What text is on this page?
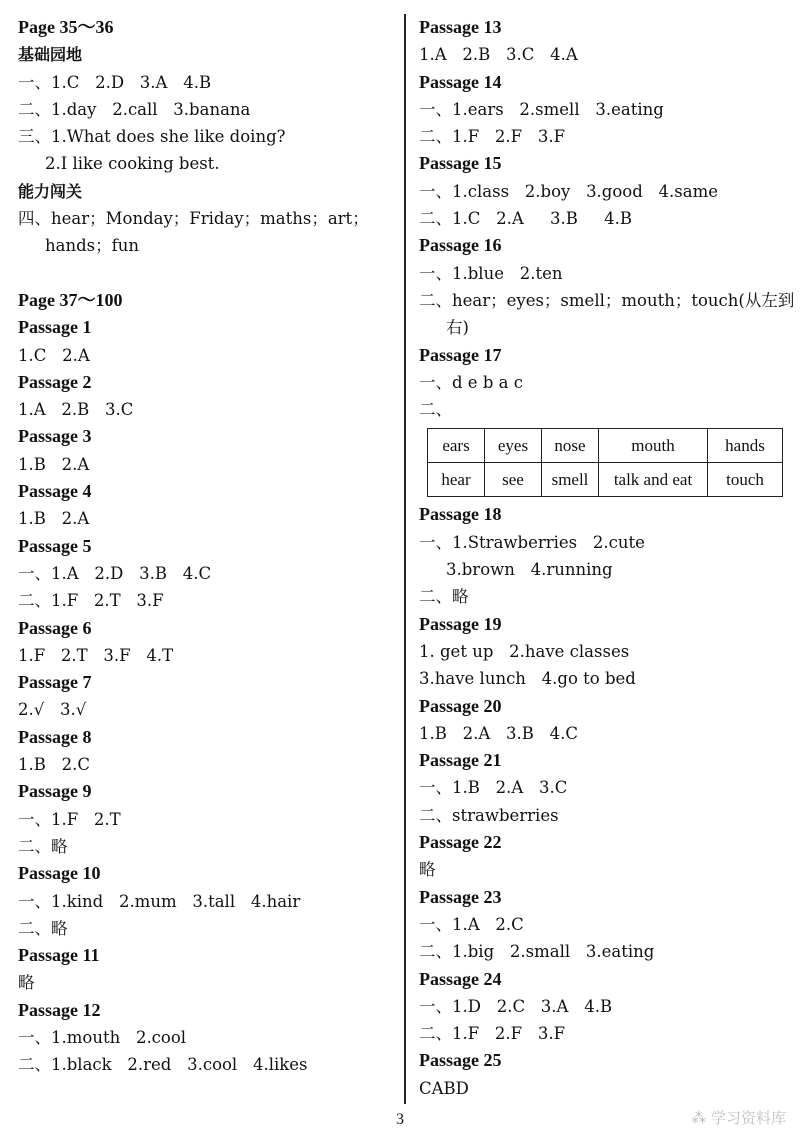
Page 35～36
基础园地
一、1.C   2.D   3.A   4.B
二、1.day   2.call   3.banana
三、1.What does she like doing?
2.I like cooking best.
能力闯关
四、hear；Monday；Friday；maths；art；
hands；fun
Page 37～100
Passage 1
1.C   2.A
Passage 2
1.A   2.B   3.C
Passage 3
1.B   2.A
Passage 4
1.B   2.A
Passage 5
一、1.A   2.D   3.B   4.C
二、1.F   2.T   3.F
Passage 6
1.F   2.T   3.F   4.T
Passage 7
2.√   3.√
Passage 8
1.B   2.C
Passage 9
一、1.F   2.T
二、略
Passage 10
一、1.kind   2.mum   3.tall   4.hair
二、略
Passage 11
略
Passage 12
一、1.mouth   2.cool
二、1.black   2.red   3.cool   4.likes
Passage 13
1.A   2.B   3.C   4.A
Passage 14
一、1.ears   2.smell   3.eating
二、1.F   2.F   3.F
Passage 15
一、1.class   2.boy   3.good   4.same
二、1.C   2.A     3.B     4.B
Passage 16
一、1.blue   2.ten
二、hear；eyes；smell；mouth；touch(从左到
右)
Passage 17
一、d e b a c
二、
ears	eyes	nose	mouth	hands
hear	see	smell	talk and eat	touch
Passage 18
一、1.Strawberries   2.cute
3.brown   4.running
二、略
Passage 19
1. get up   2.have classes
3.have lunch   4.go to bed
Passage 20
1.B   2.A   3.B   4.C
Passage 21
一、1.B   2.A   3.C
二、strawberries
Passage 22
略
Passage 23
一、1.A   2.C
二、1.big   2.small   3.eating
Passage 24
一、1.D   2.C   3.A   4.B
二、1.F   2.F   3.F
Passage 25
CABD
3	⁂ 学习资料库
